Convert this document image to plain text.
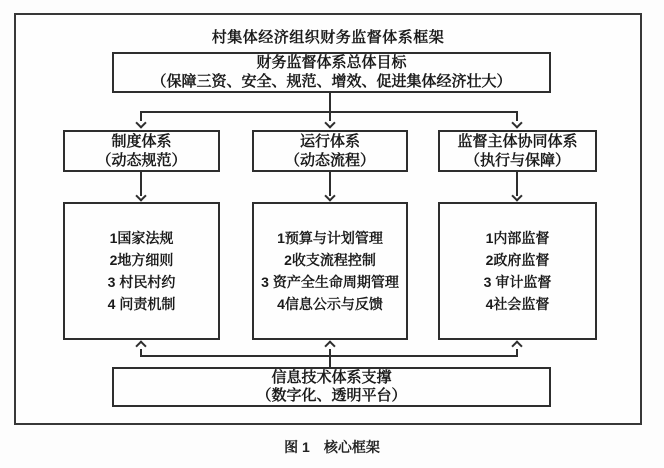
村集体经济组织财务监督体系框架
财务监督体系总体目标
（保障三资、安全、规范、增效、促进集体经济壮大）
制度体系
（动态规范）
运行体系
（动态流程）
监督主体协同体系
（执行与保障）
1国家法规
2地方细则
3 村民村约
4 问责机制
1预算与计划管理
2收支流程控制
3 资产全生命周期管理
4信息公示与反馈
1内部监督
2政府监督
3 审计监督
4社会监督
信息技术体系支撑
（数字化、透明平台）
图 1 核心框架
